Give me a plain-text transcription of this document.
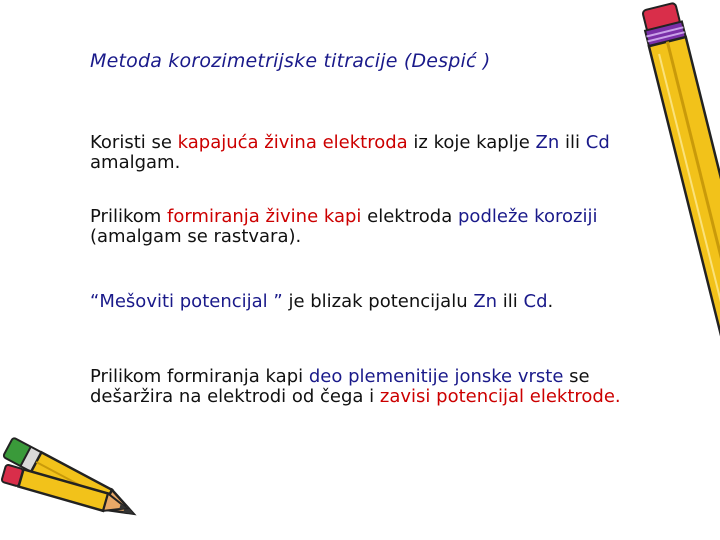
Metoda korozimetrijske titracije (Despić )

Koristi se kapajuća živina elektroda iz koje kaplje Zn ili Cd amalgam.

Prilikom formiranja živine kapi elektroda podleže koroziji (amalgam se rastvara).

“Mešoviti potencijal ” je blizak potencijalu Zn ili Cd.

Prilikom formiranja kapi deo plemenitije jonske vrste se dešaržira na elektrodi od čega i zavisi potencijal elektrode.
